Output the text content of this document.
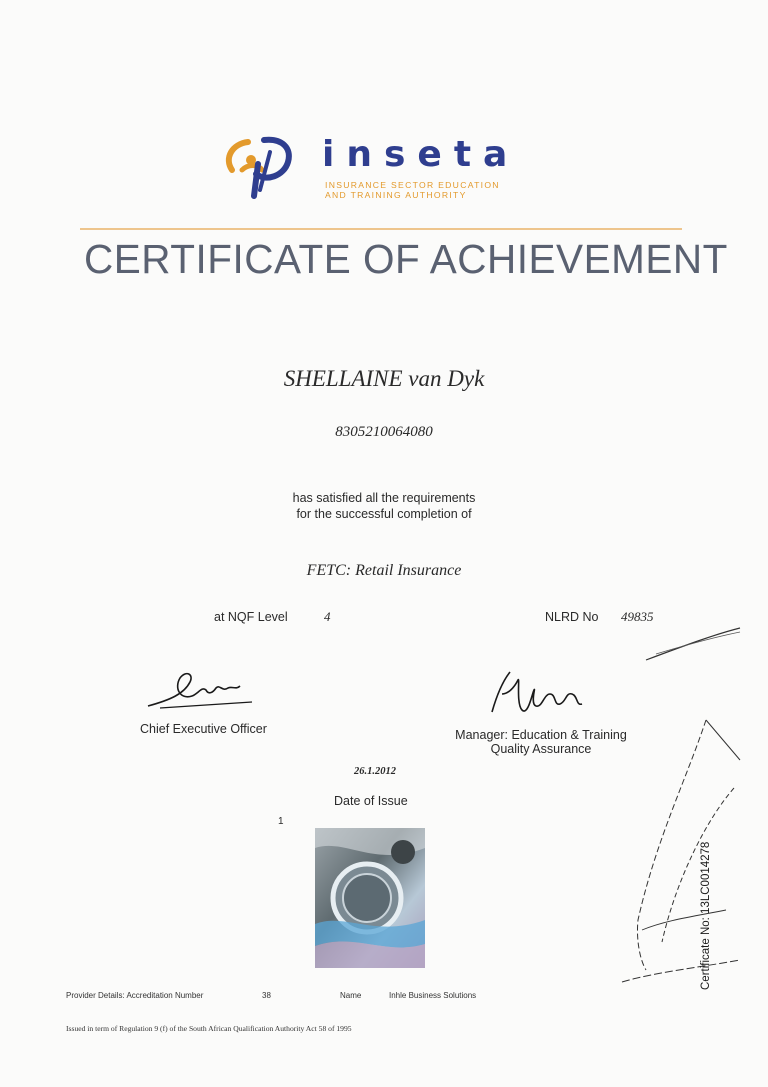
inseta
INSURANCE SECTOR EDUCATION
AND TRAINING AUTHORITY
CERTIFICATE OF ACHIEVEMENT
SHELLAINE van Dyk
8305210064080
has satisfied all the requirements
for the successful completion of
FETC: Retail Insurance
at NQF Level	4	NLRD No 49835
Chief Executive Officer	Manager: Education & Training
Quality Assurance
26.1.2012
Date of Issue
1
Certificate No: 13LC0014278
Provider Details: Accreditation Number	38	Name	Inhle Business Solutions
Issued in term of Regulation 9 (f) of the South African Qualification Authority Act 58 of 1995
